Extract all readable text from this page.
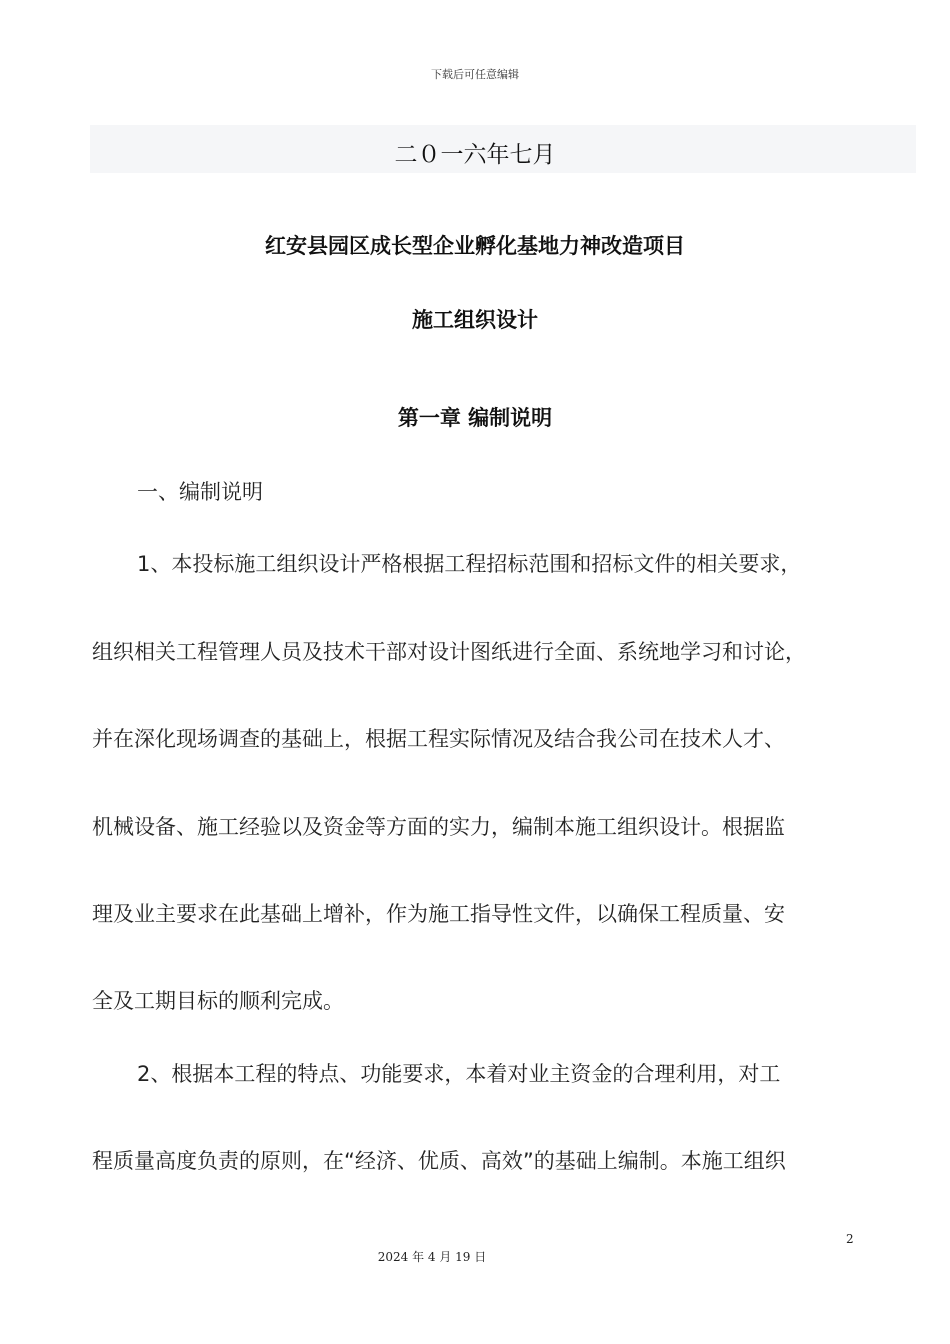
下载后可任意编辑
二０一六年七月
红安县园区成长型企业孵化基地力神改造项目
施工组织设计
第一章 编制说明
一、编制说明
1、本投标施工组织设计严格根据工程招标范围和招标文件的相关要求，
组织相关工程管理人员及技术干部对设计图纸进行全面、系统地学习和讨论，
并在深化现场调查的基础上，根据工程实际情况及结合我公司在技术人才、
机械设备、施工经验以及资金等方面的实力，编制本施工组织设计。根据监
理及业主要求在此基础上增补，作为施工指导性文件，以确保工程质量、安
全及工期目标的顺利完成。
2、根据本工程的特点、功能要求，本着对业主资金的合理利用，对工
程质量高度负责的原则，在“经济、优质、高效”的基础上编制。本施工组织
2
2024 年 4 月 19 日
